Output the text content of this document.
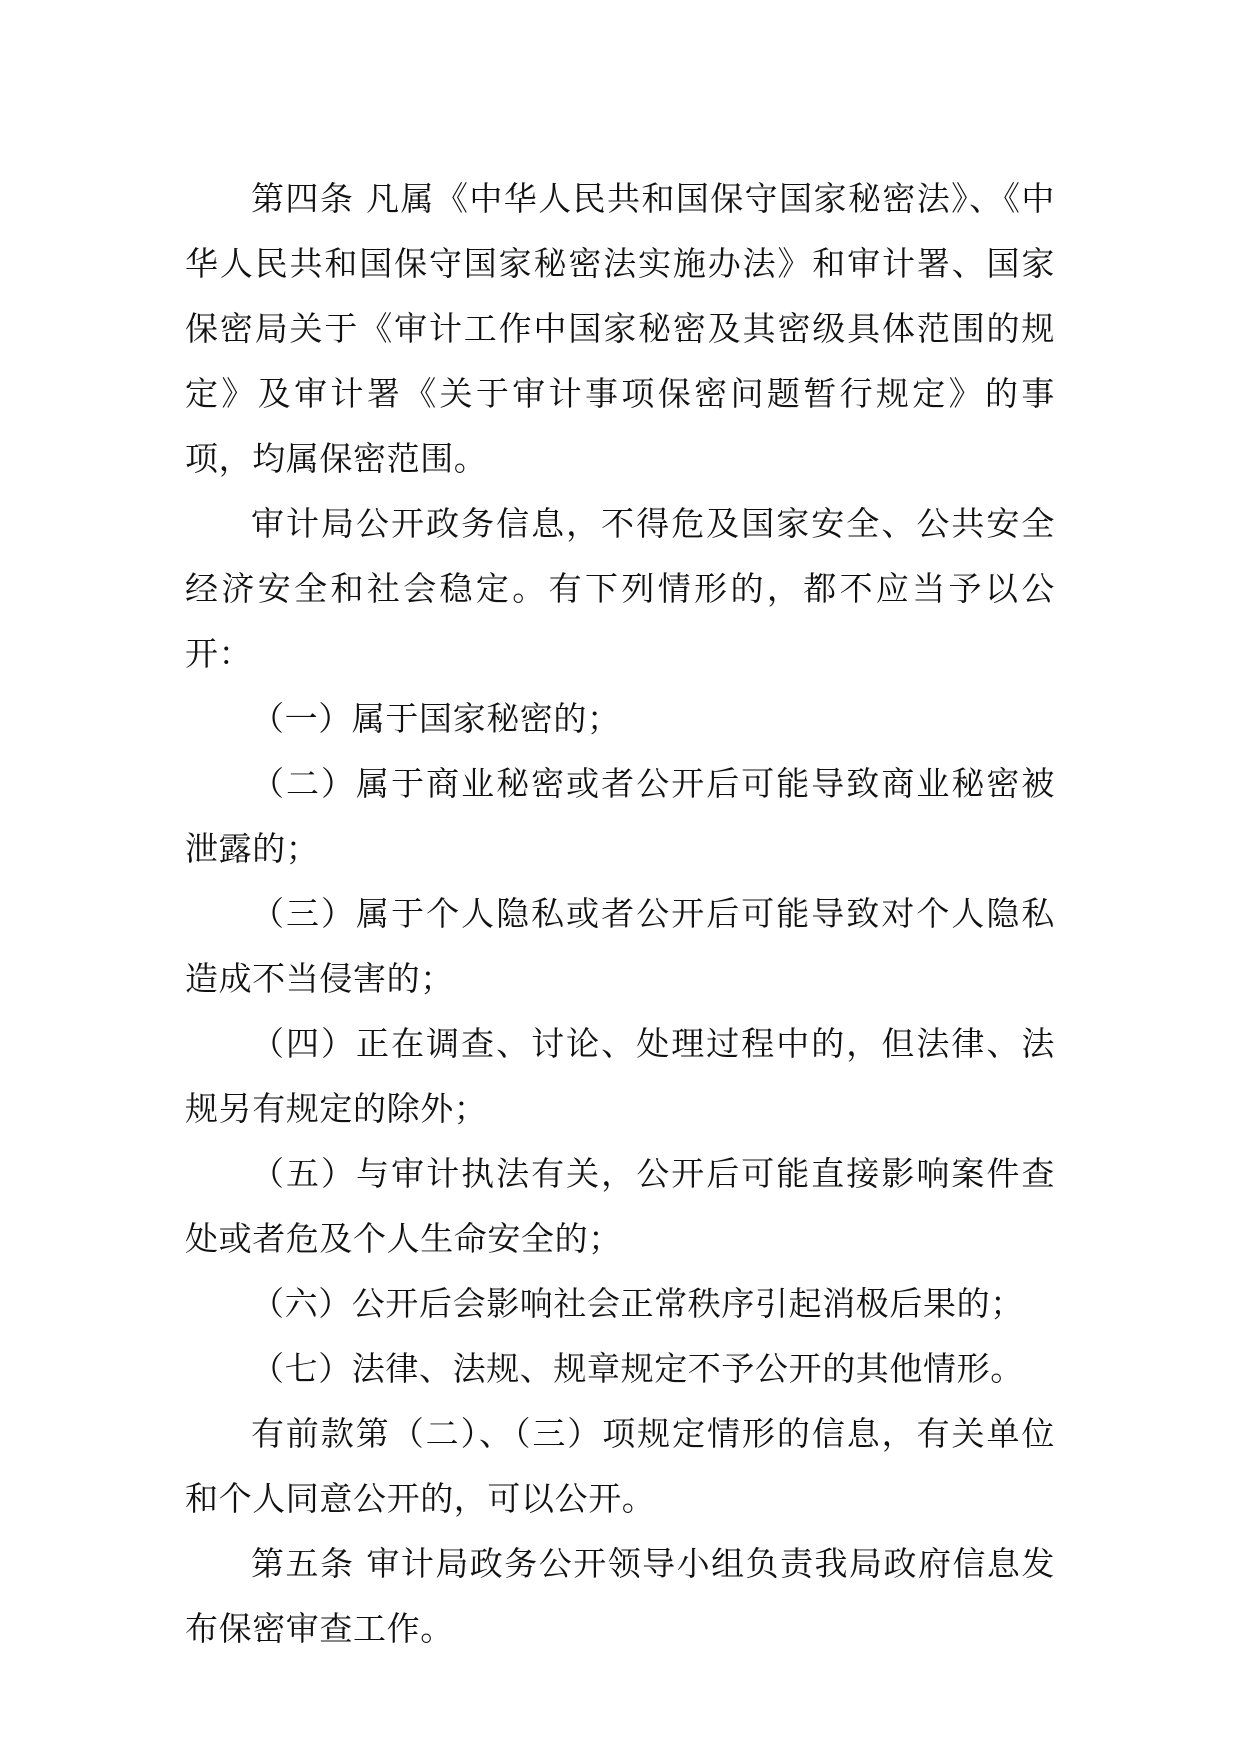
第四条 凡属《中华人民共和国保守国家秘密法》、《中华人民共和国保守国家秘密法实施办法》和审计署、国家保密局关于《审计工作中国家秘密及其密级具体范围的规定》及审计署《关于审计事项保密问题暂行规定》的事项，均属保密范围。

审计局公开政务信息，不得危及国家安全、公共安全经济安全和社会稳定。有下列情形的，都不应当予以公开：

（一）属于国家秘密的；

（二）属于商业秘密或者公开后可能导致商业秘密被泄露的；

（三）属于个人隐私或者公开后可能导致对个人隐私造成不当侵害的；

（四）正在调查、讨论、处理过程中的，但法律、法规另有规定的除外；

（五）与审计执法有关，公开后可能直接影响案件查处或者危及个人生命安全的；

（六）公开后会影响社会正常秩序引起消极后果的；

（七）法律、法规、规章规定不予公开的其他情形。

有前款第（二）、（三）项规定情形的信息，有关单位和个人同意公开的，可以公开。

第五条 审计局政务公开领导小组负责我局政府信息发布保密审查工作。
